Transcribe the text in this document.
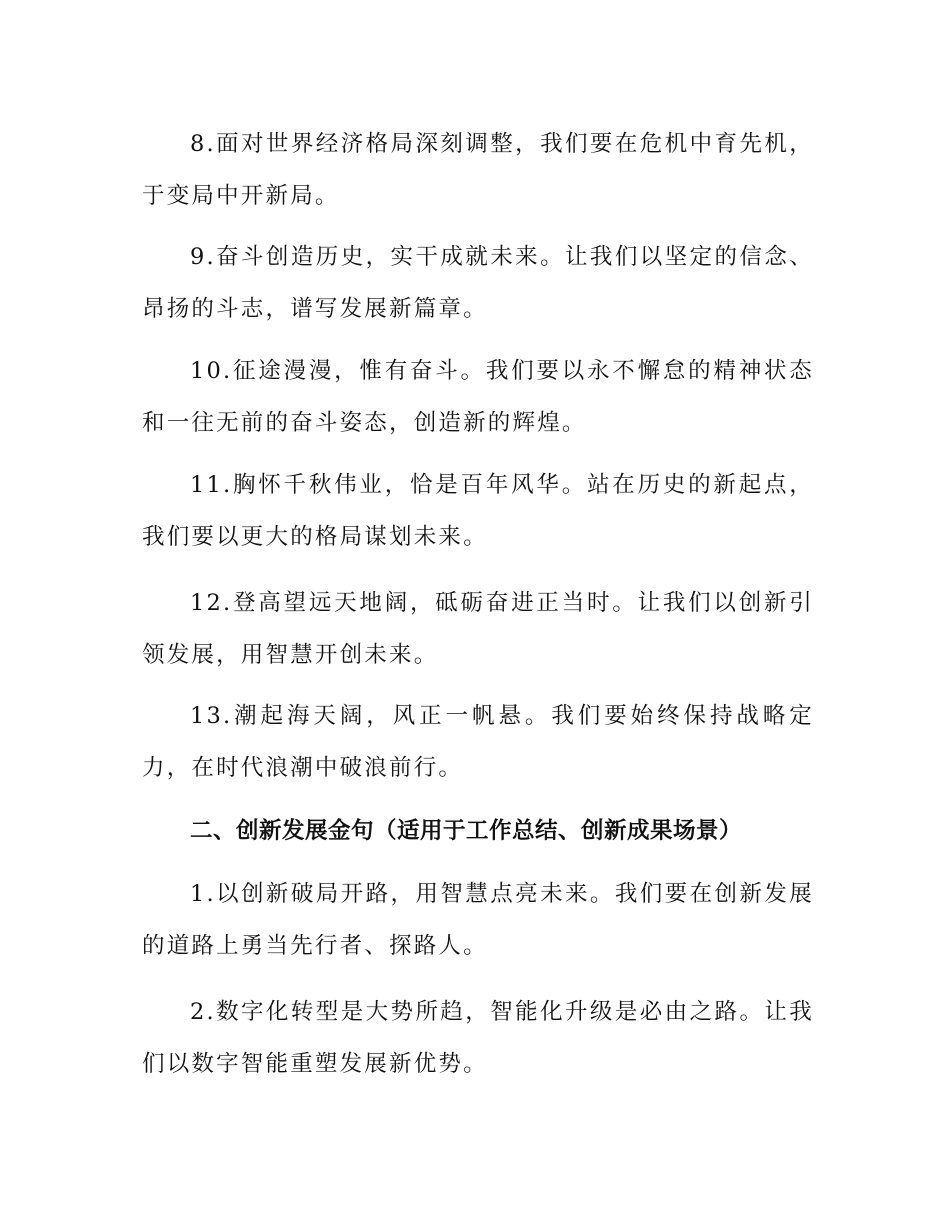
8.面对世界经济格局深刻调整，我们要在危机中育先机，于变局中开新局。

9.奋斗创造历史，实干成就未来。让我们以坚定的信念、昂扬的斗志，谱写发展新篇章。

10.征途漫漫，惟有奋斗。我们要以永不懈怠的精神状态和一往无前的奋斗姿态，创造新的辉煌。

11.胸怀千秋伟业，恰是百年风华。站在历史的新起点，我们要以更大的格局谋划未来。

12.登高望远天地阔，砥砺奋进正当时。让我们以创新引领发展，用智慧开创未来。

13.潮起海天阔，风正一帆悬。我们要始终保持战略定力，在时代浪潮中破浪前行。

二、创新发展金句（适用于工作总结、创新成果场景）

1.以创新破局开路，用智慧点亮未来。我们要在创新发展的道路上勇当先行者、探路人。

2.数字化转型是大势所趋，智能化升级是必由之路。让我们以数字智能重塑发展新优势。
